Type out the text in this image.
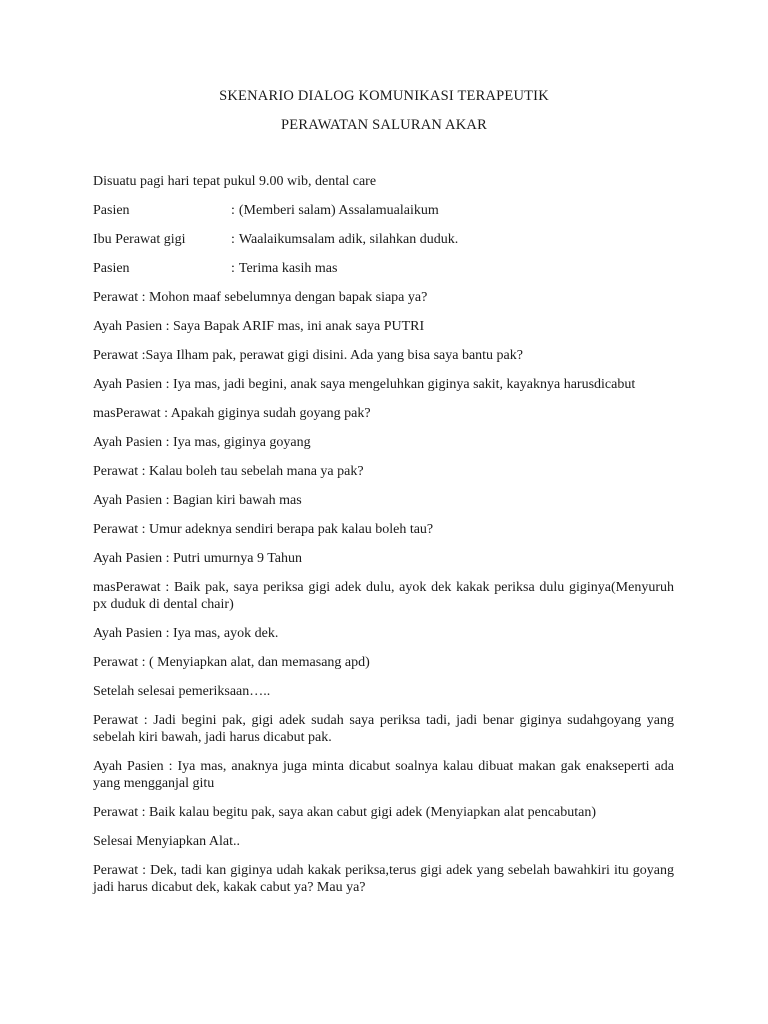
SKENARIO DIALOG KOMUNIKASI TERAPEUTIK
PERAWATAN SALURAN AKAR

Disuatu pagi hari tepat pukul 9.00 wib, dental care

Pasien	: (Memberi salam) Assalamualaikum
Ibu Perawat gigi	: Waalaikumsalam adik, silahkan duduk.
Pasien	: Terima kasih mas

Perawat : Mohon maaf sebelumnya dengan bapak siapa ya?

Ayah Pasien : Saya Bapak ARIF mas, ini anak saya PUTRI

Perawat :Saya Ilham pak, perawat gigi disini. Ada yang bisa saya bantu pak?

Ayah Pasien : Iya mas, jadi begini, anak saya mengeluhkan giginya sakit, kayaknya harusdicabut

masPerawat : Apakah giginya sudah goyang pak?

Ayah Pasien : Iya mas, giginya goyang

Perawat : Kalau boleh tau sebelah mana ya pak?

Ayah Pasien : Bagian kiri bawah mas

Perawat : Umur adeknya sendiri berapa pak kalau boleh tau?

Ayah Pasien : Putri umurnya 9 Tahun

masPerawat : Baik pak, saya periksa gigi adek dulu, ayok dek kakak periksa dulu giginya(Menyuruh px duduk di dental chair)

Ayah Pasien : Iya mas, ayok dek.

Perawat : ( Menyiapkan alat, dan memasang apd)

Setelah selesai pemeriksaan…..

Perawat : Jadi begini pak, gigi adek sudah saya periksa tadi, jadi benar giginya sudahgoyang yang sebelah kiri bawah, jadi harus dicabut pak.

Ayah Pasien : Iya mas, anaknya juga minta dicabut soalnya kalau dibuat makan gak enakseperti ada yang mengganjal gitu

Perawat : Baik kalau begitu pak, saya akan cabut gigi adek (Menyiapkan alat pencabutan)

Selesai Menyiapkan Alat..

Perawat : Dek, tadi kan giginya udah kakak periksa,terus gigi adek yang sebelah bawahkiri itu goyang jadi harus dicabut dek, kakak cabut ya? Mau ya?
